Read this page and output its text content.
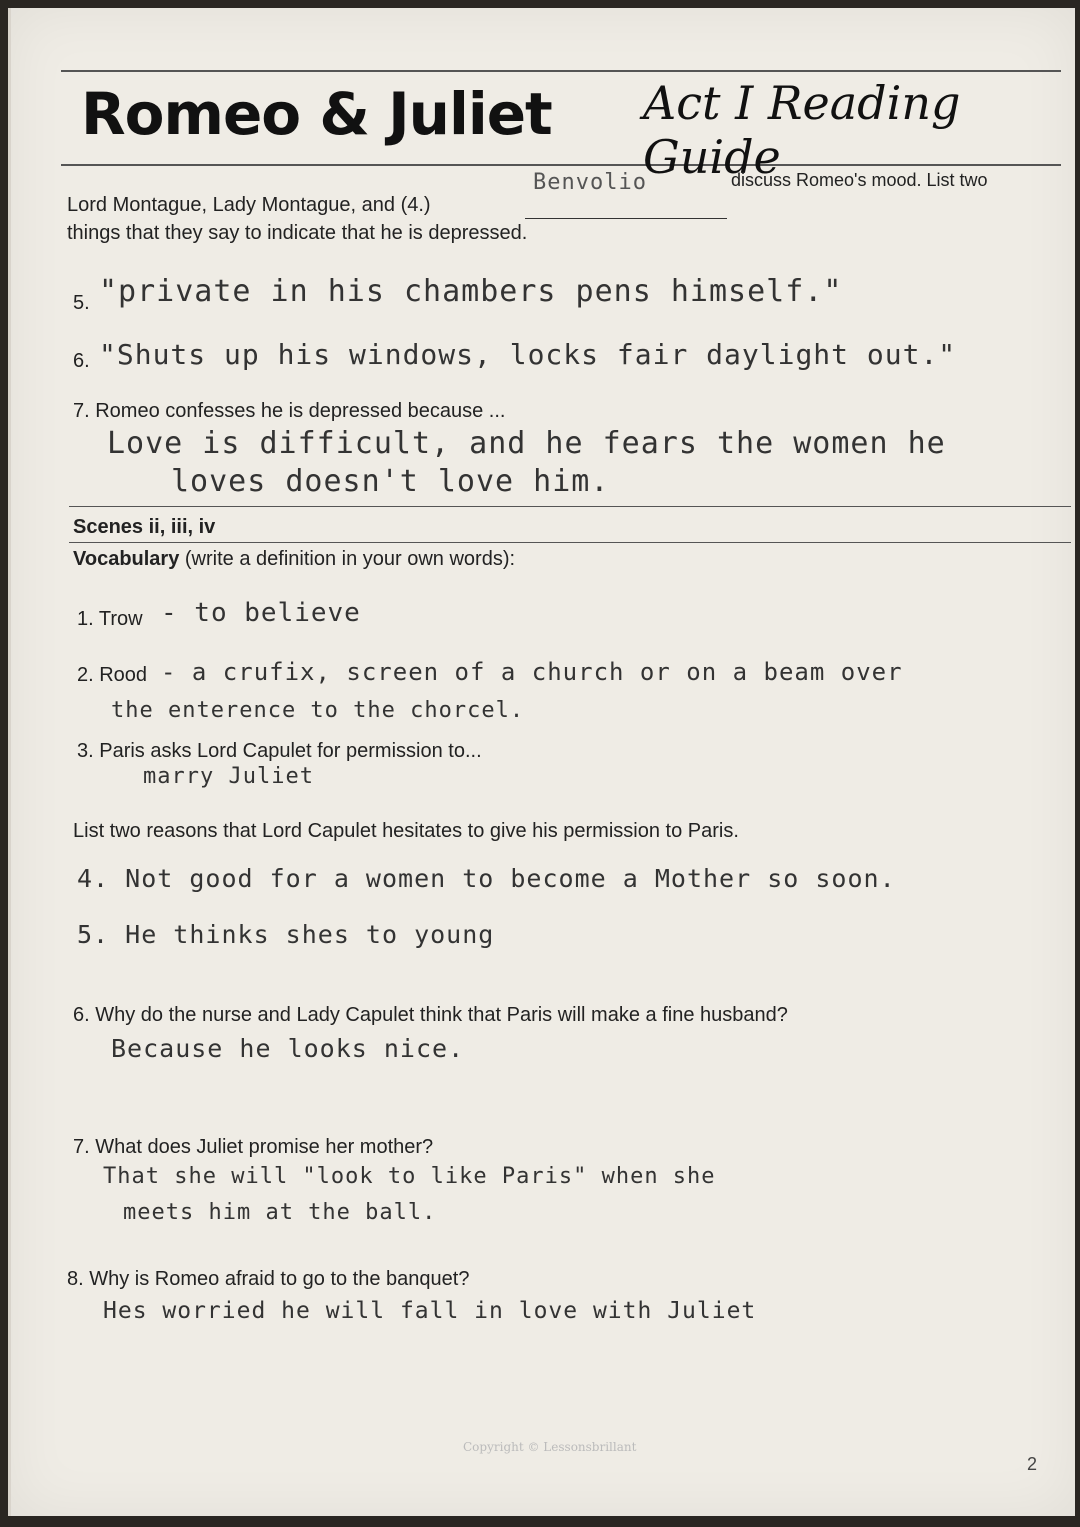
Romeo & Juliet Act I Reading Guide
Lord Montague, Lady Montague, and (4.)
Benvolio	discuss Romeo's mood. List two
things that they say to indicate that he is depressed.
5. "private in his chambers pens himself."
6. "Shuts up his windows, locks fair daylight out."
7. Romeo confesses he is depressed because ...
Love is difficult, and he fears the women he
loves doesn't love him.
Scenes ii, iii, iv
Vocabulary (write a definition in your own words):
1. Trow - to believe
2. Rood - a crufix, screen of a church or on a beam over
the enterence to the chorcel.
3. Paris asks Lord Capulet for permission to...
marry Juliet
List two reasons that Lord Capulet hesitates to give his permission to Paris.
4. Not good for a women to become a Mother so soon.
5. He thinks shes to young
6. Why do the nurse and Lady Capulet think that Paris will make a fine husband?
Because he looks nice.
7. What does Juliet promise her mother?
That she will "look to like Paris" when she
meets him at the ball.
8. Why is Romeo afraid to go to the banquet?
Hes worried he will fall in love with Juliet
Copyright © Lessonsbrillant
2
